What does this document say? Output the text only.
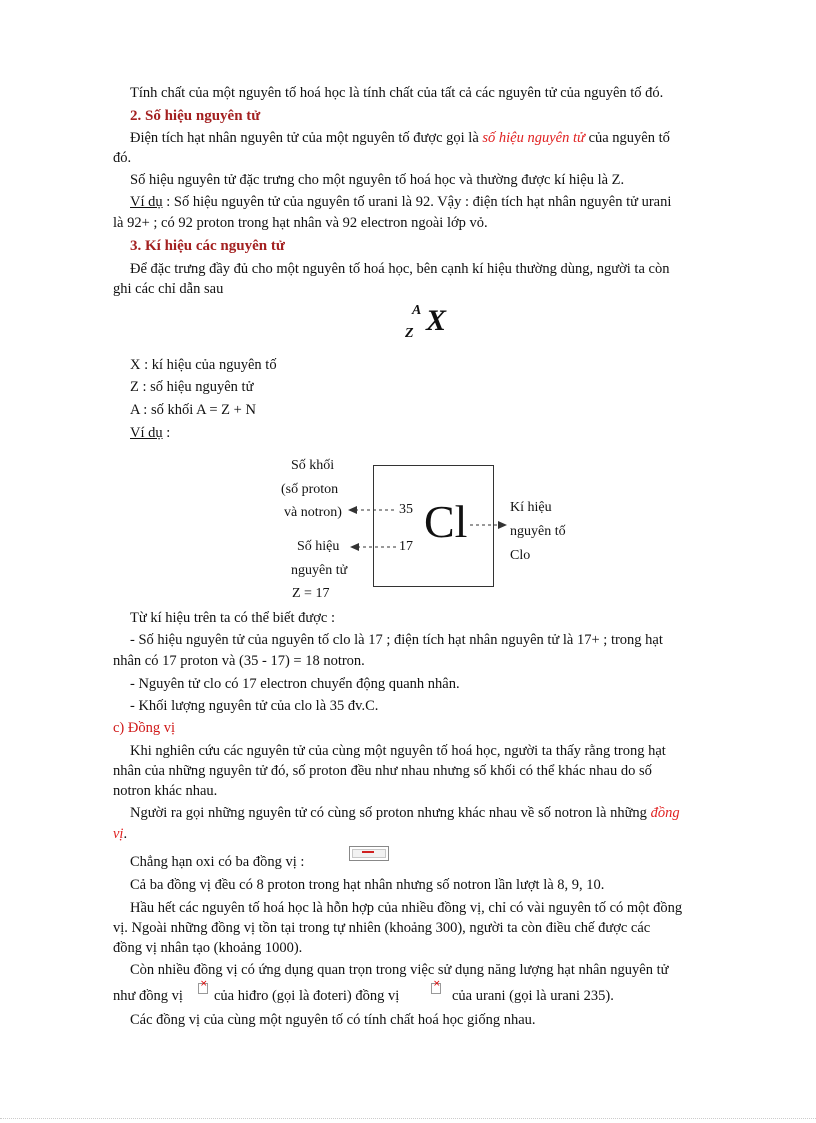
Tính chất của một nguyên tố hoá học là tính chất của tất cả các nguyên tử của nguyên tố đó.
2. Số hiệu nguyên tử
Điện tích hạt nhân nguyên tử của một nguyên tố được gọi là số hiệu nguyên tử của nguyên tố
đó.
Số hiệu nguyên tử đặc trưng cho một nguyên tố hoá học và thường được kí hiệu là Z.
Ví dụ : Số hiệu nguyên tử của nguyên tố urani là 92. Vậy : điện tích hạt nhân nguyên tử urani
là 92+ ; có 92 proton trong hạt nhân và 92 electron ngoài lớp vỏ.
3. Kí hiệu các nguyên tử
Để đặc trưng đầy đủ cho một nguyên tố hoá học, bên cạnh kí hiệu thường dùng, người ta còn
ghi các chỉ dẫn sau
A
Z X
X : kí hiệu của nguyên tố
Z : số hiệu nguyên tử
A : số khối A = Z + N
Ví dụ :
Cl
Số khối
(số proton
và notron)	35
Số hiệu
nguyên tử
Z = 17
17
Kí hiệu
nguyên tố
Clo
Từ kí hiệu trên ta có thể biết được :
- Số hiệu nguyên tử của nguyên tố clo là 17 ; điện tích hạt nhân nguyên tử là 17+ ; trong hạt
nhân có 17 proton và (35 - 17) = 18 notron.
- Nguyên tử clo có 17 electron chuyển động quanh nhân.
- Khối lượng nguyên tử của clo là 35 đv.C.
c) Đồng vị
Khi nghiên cứu các nguyên tử của cùng một nguyên tố hoá học, người ta thấy rằng trong hạt
nhân của những nguyên tử đó, số proton đều như nhau nhưng số khối có thể khác nhau do số
notron khác nhau.
Người ra gọi những nguyên tử có cùng số proton nhưng khác nhau về số notron là những đồng
vị.
Chẳng hạn oxi có ba đồng vị :
Cả ba đồng vị đều có 8 proton trong hạt nhân nhưng số notron lần lượt là 8, 9, 10.
Hầu hết các nguyên tố hoá học là hỗn hợp của nhiều đồng vị, chỉ có vài nguyên tố có một đồng
vị. Ngoài những đồng vị tồn tại trong tự nhiên (khoảng 300), người ta còn điều chế được các
đồng vị nhân tạo (khoảng 1000).
Còn nhiều đồng vị có ứng dụng quan trọn trong việc sử dụng năng lượng hạt nhân nguyên tử
như đồng vị × của hiđro (gọi là đoteri) đồng vị ×	của urani (gọi là urani 235).
Các đồng vị của cùng một nguyên tố có tính chất hoá học giống nhau.
